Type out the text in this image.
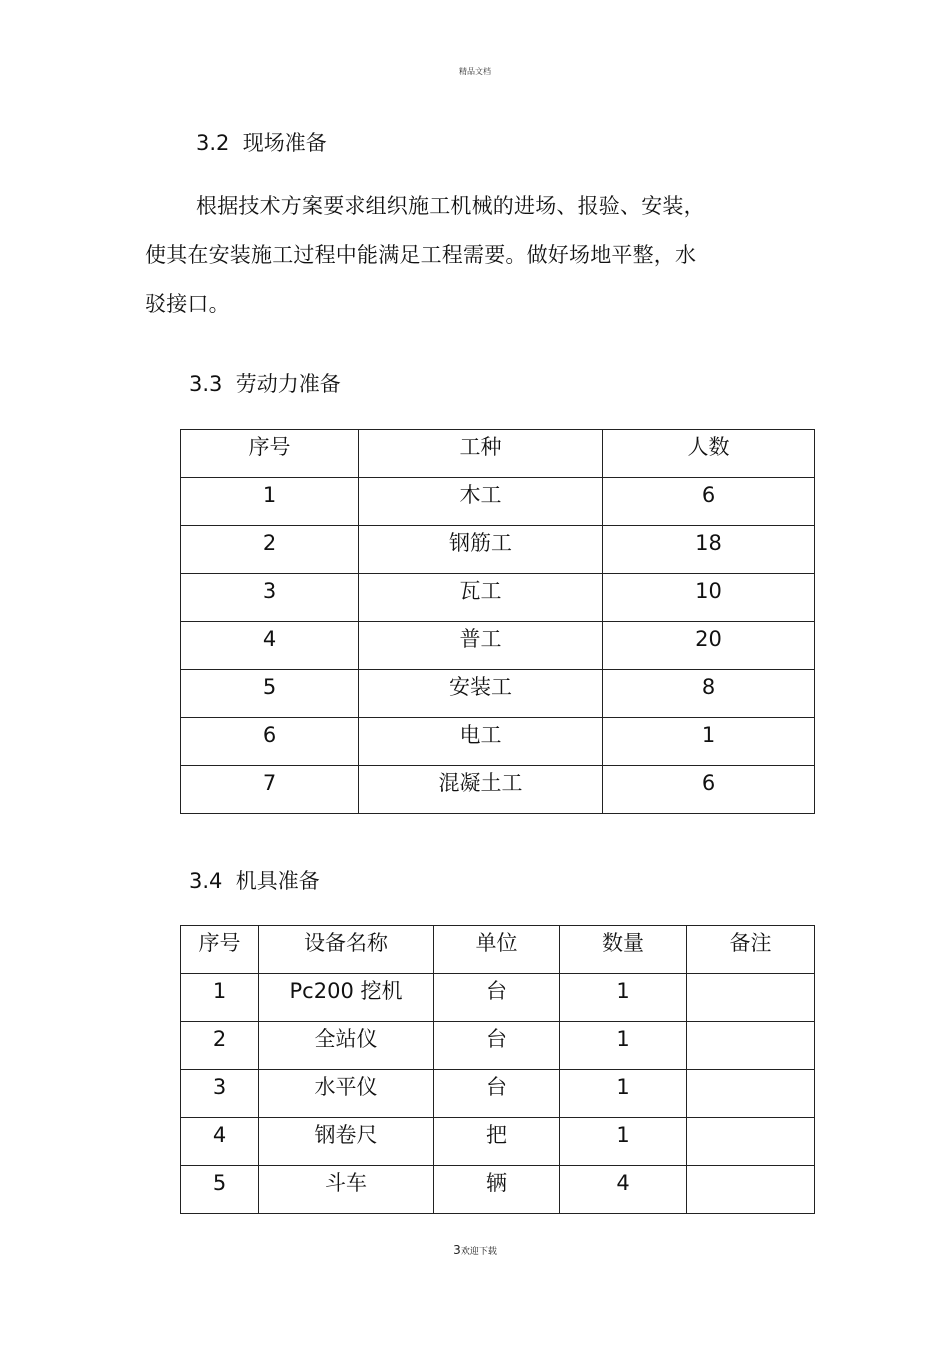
精品文档
3.2  现场准备
根据技术方案要求组织施工机械的进场、报验、安装，
使其在安装施工过程中能满足工程需要。做好场地平整，水
驳接口。
3.3  劳动力准备
序号	工种	人数
1	木工	6
2	钢筋工	18
3	瓦工	10
4	普工	20
5	安装工	8
6	电工	1
7	混凝土工	6
3.4  机具准备
序号	设备名称	单位	数量	备注
1	Pc200 挖机	台	1	
2	全站仪	台	1	
3	水平仪	台	1	
4	钢卷尺	把	1	
5	斗车	辆	4	
3欢迎下载
